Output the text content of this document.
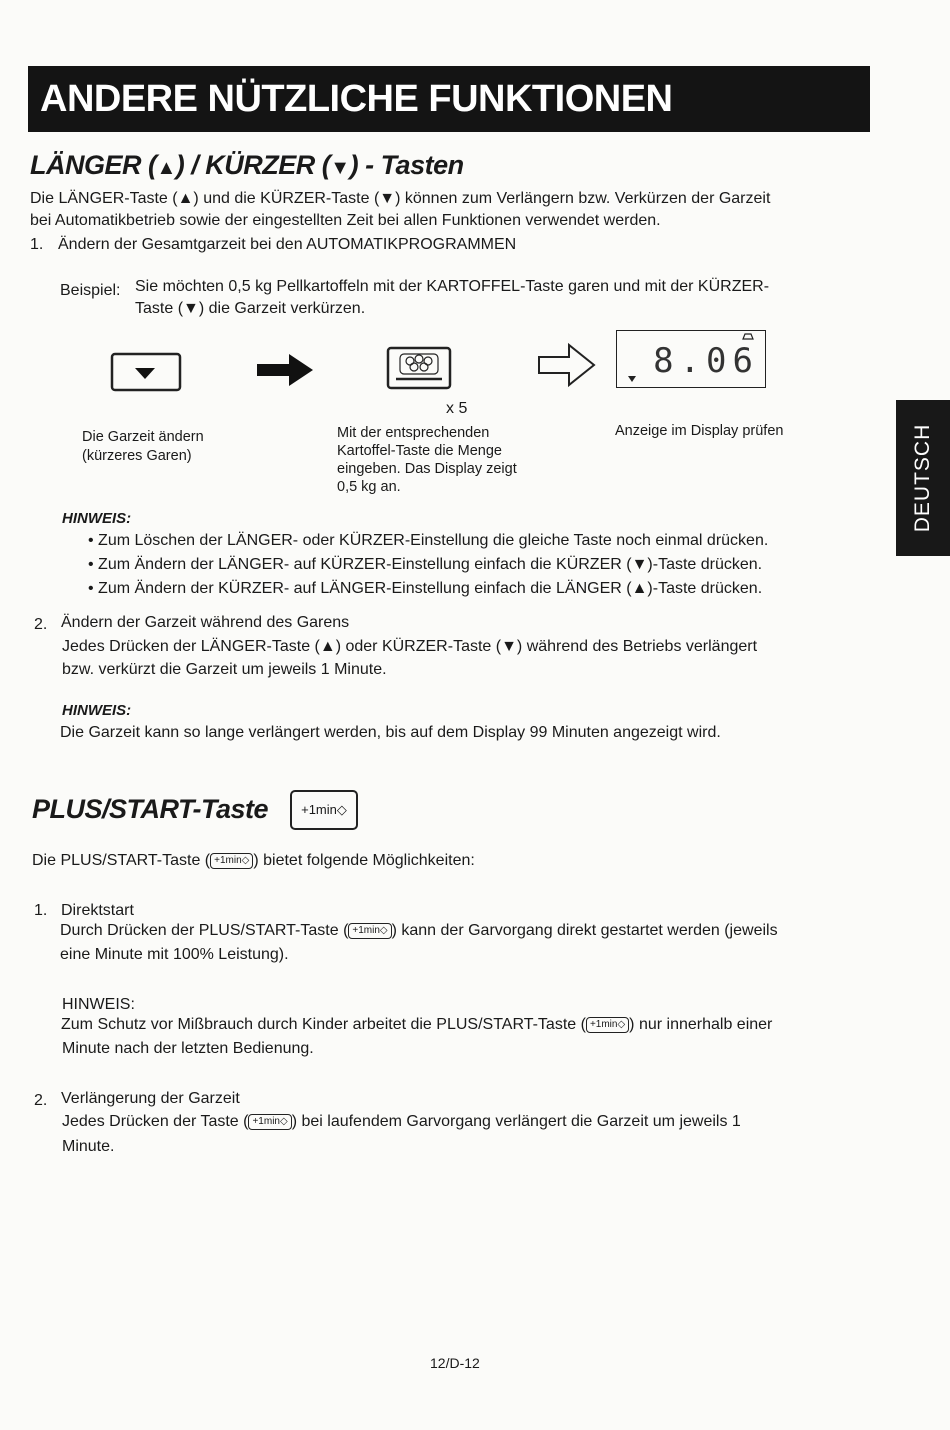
ANDERE NÜTZLICHE FUNKTIONEN
DEUTSCH
LÄNGER (▲) / KÜRZER (▼) - Tasten
Die LÄNGER-Taste (▲) und die KÜRZER-Taste (▼) können zum Verlängern bzw. Verkürzen der Garzeit
bei Automatikbetrieb sowie der eingestellten Zeit bei allen Funktionen verwendet werden.
1. Ändern der Gesamtgarzeit bei den AUTOMATIKPROGRAMMEN
Beispiel: Sie möchten 0,5 kg Pellkartoffeln mit der KARTOFFEL-Taste garen und mit der KÜRZER-
Taste (▼) die Garzeit verkürzen.
x 5
8.06
Die Garzeit ändern
(kürzeres Garen)
Mit der entsprechenden
Kartoffel-Taste die Menge
eingeben. Das Display zeigt
0,5 kg an.
Anzeige im Display prüfen
HINWEIS:
• Zum Löschen der LÄNGER- oder KÜRZER-Einstellung die gleiche Taste noch einmal drücken.
• Zum Ändern der LÄNGER- auf KÜRZER-Einstellung einfach die KÜRZER (▼)-Taste drücken.
• Zum Ändern der KÜRZER- auf LÄNGER-Einstellung einfach die LÄNGER (▲)-Taste drücken.
2. Ändern der Garzeit während des Garens
Jedes Drücken der LÄNGER-Taste (▲) oder KÜRZER-Taste (▼) während des Betriebs verlängert
bzw. verkürzt die Garzeit um jeweils 1 Minute.
HINWEIS:
Die Garzeit kann so lange verlängert werden, bis auf dem Display 99 Minuten angezeigt wird.
PLUS/START-Taste	+1min◇
Die PLUS/START-Taste ( +1min◇ ) bietet folgende Möglichkeiten:
1. Direktstart
Durch Drücken der PLUS/START-Taste ( +1min◇ ) kann der Garvorgang direkt gestartet werden (jeweils
eine Minute mit 100% Leistung).
HINWEIS:
Zum Schutz vor Mißbrauch durch Kinder arbeitet die PLUS/START-Taste ( +1min◇ ) nur innerhalb einer
Minute nach der letzten Bedienung.
2. Verlängerung der Garzeit
Jedes Drücken der Taste ( +1min◇ ) bei laufendem Garvorgang verlängert die Garzeit um jeweils 1
Minute.
12/D-12
